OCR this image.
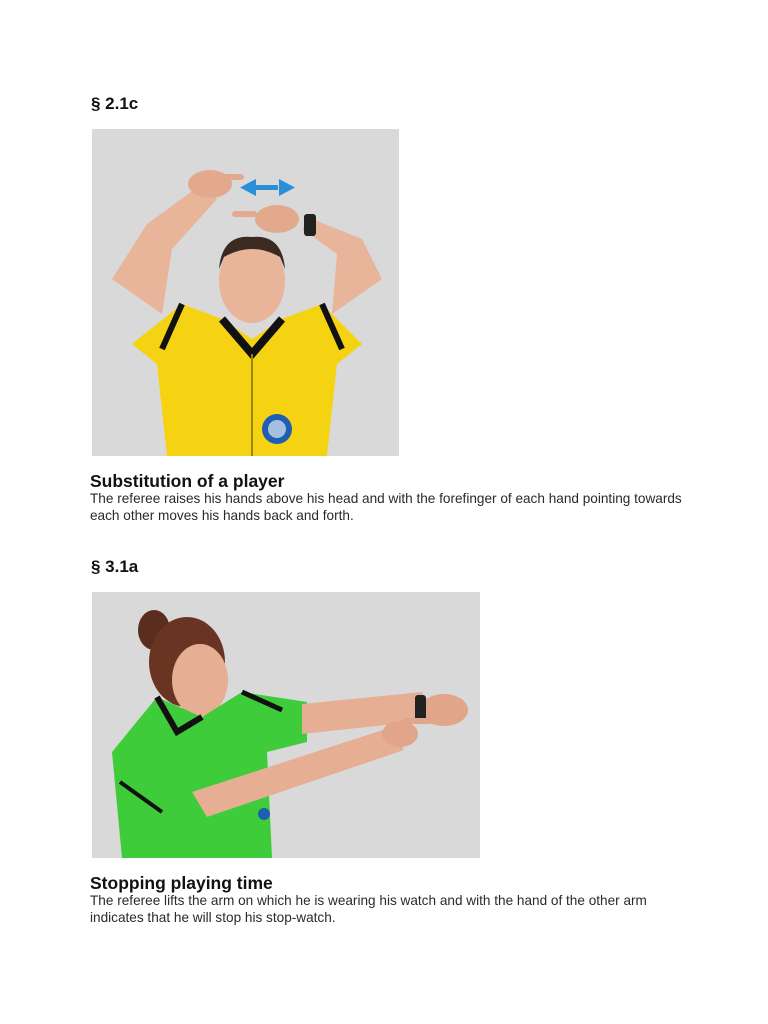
§ 2.1c
Substitution of a player

The referee raises his hands above his head and with the forefinger of each hand pointing towards each other moves his hands back and forth.

§ 3.1a
Stopping playing time

The referee lifts the arm on which he is wearing his watch and with the hand of the other arm indicates that he will stop his stop-watch.
